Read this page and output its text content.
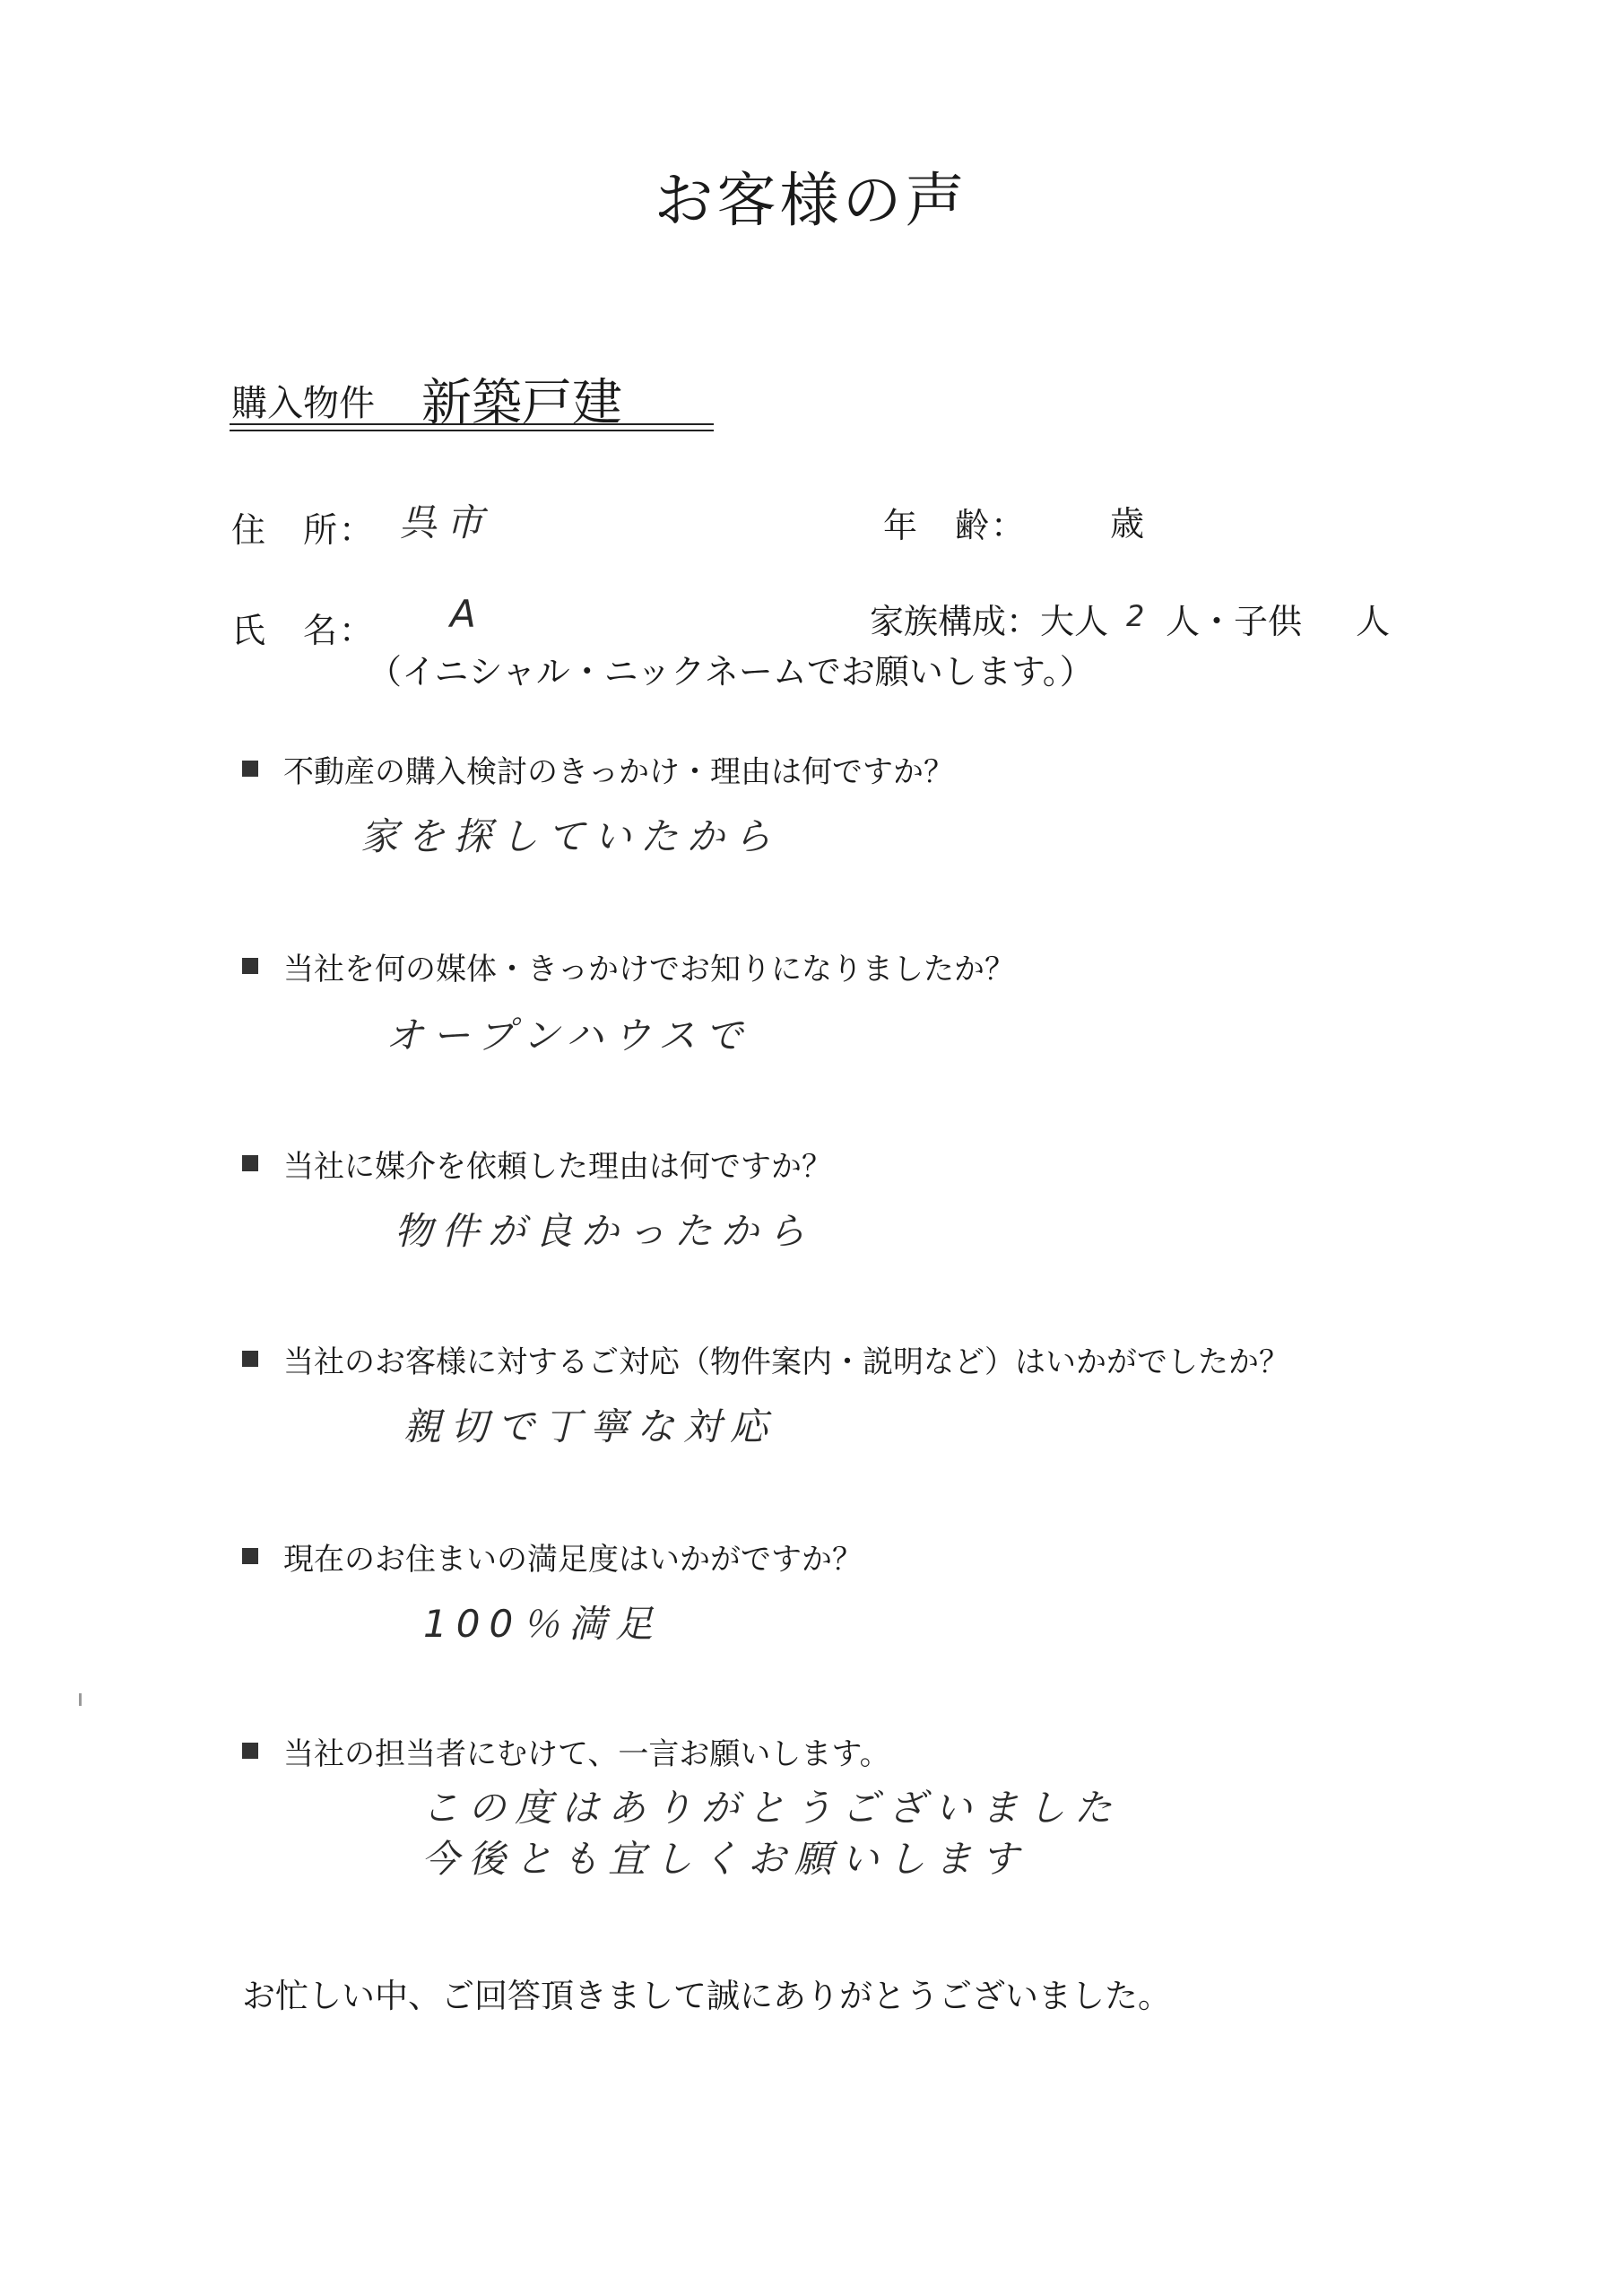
お客様の声
購入物件 新築戸建
住　所： 呉市	年　齢： 歳
氏　名： A	家族構成：大人 2 人・子供 人
（イニシャル・ニックネームでお願いします。）
不動産の購入検討のきっかけ・理由は何ですか？
家を探していたから
当社を何の媒体・きっかけでお知りになりましたか？
オープンハウスで
当社に媒介を依頼した理由は何ですか？
物件が良かったから
当社のお客様に対するご対応（物件案内・説明など）はいかがでしたか？
親切で丁寧な対応
現在のお住まいの満足度はいかがですか？
100％満足
当社の担当者にむけて、一言お願いします。
この度はありがとうございました
今後とも宜しくお願いします
お忙しい中、ご回答頂きまして誠にありがとうございました。
